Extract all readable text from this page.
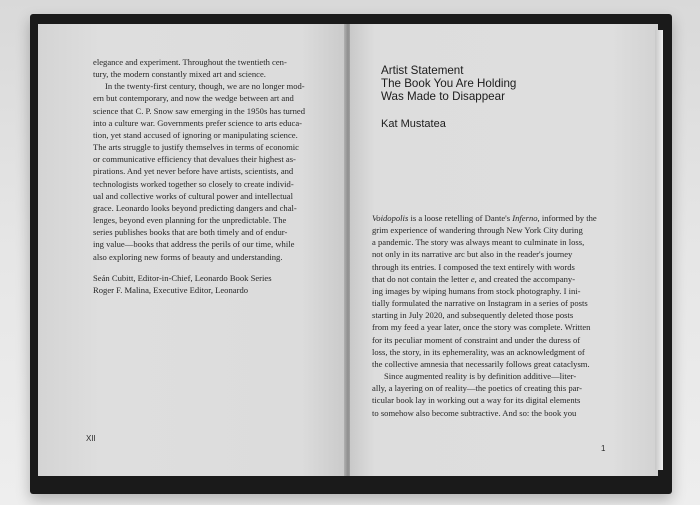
elegance and experiment. Throughout the twentieth cen-
tury, the modern constantly mixed art and science.

In the twenty-first century, though, we are no longer mod-
ern but contemporary, and now the wedge between art and
science that C. P. Snow saw emerging in the 1950s has turned
into a culture war. Governments prefer science to arts educa-
tion, yet stand accused of ignoring or manipulating science.
The arts struggle to justify themselves in terms of economic
or communicative efficiency that devalues their highest as-
pirations. And yet never before have artists, scientists, and
technologists worked together so closely to create individ-
ual and collective works of cultural power and intellectual
grace. Leonardo looks beyond predicting dangers and chal-
lenges, beyond even planning for the unpredictable. The
series publishes books that are both timely and of endur-
ing value—books that address the perils of our time, while
also exploring new forms of beauty and understanding.

Seán Cubitt, Editor-in-Chief, Leonardo Book Series
Roger F. Malina, Executive Editor, Leonardo

XII
Artist Statement
The Book You Are Holding
Was Made to Disappear
Kat Mustatea

Voidopolis is a loose retelling of Dante's Inferno, informed by the
grim experience of wandering through New York City during
a pandemic. The story was always meant to culminate in loss,
not only in its narrative arc but also in the reader's journey
through its entries. I composed the text entirely with words
that do not contain the letter e, and created the accompany-
ing images by wiping humans from stock photography. I ini-
tially formulated the narrative on Instagram in a series of posts
starting in July 2020, and subsequently deleted those posts
from my feed a year later, once the story was complete. Written
for its peculiar moment of constraint and under the duress of
loss, the story, in its ephemerality, was an acknowledgment of
the collective amnesia that necessarily follows great cataclysm.

Since augmented reality is by definition additive—liter-
ally, a layering on of reality—the poetics of creating this par-
ticular book lay in working out a way for its digital elements
to somehow also become subtractive. And so: the book you

1
